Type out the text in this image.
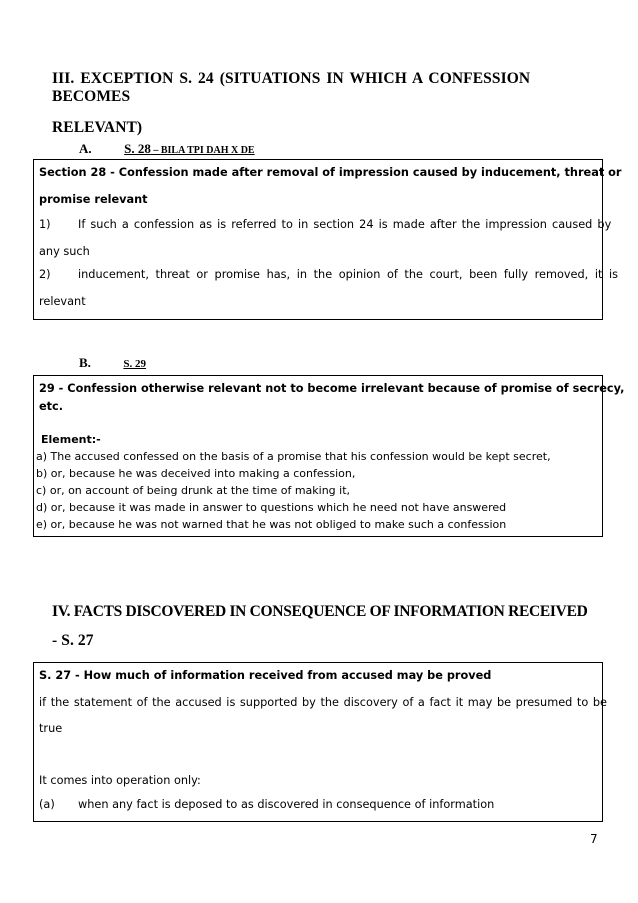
III. EXCEPTION S. 24 (SITUATIONS IN WHICH A CONFESSION BECOMES
RELEVANT)
A.	S. 28 – BILA TPI DAH X DE
Section 28 - Confession made after removal of impression caused by inducement, threat or
promise relevant
1) If such a confession as is referred to in section 24 is made after the impression caused by
any such
2) inducement, threat or promise has, in the opinion of the court, been fully removed, it is
relevant
B.	S. 29
29 - Confession otherwise relevant not to become irrelevant because of promise of secrecy,
etc.
Element:-
a) The accused confessed on the basis of a promise that his confession would be kept secret,
b) or, because he was deceived into making a confession,
c) or, on account of being drunk at the time of making it,
d) or, because it was made in answer to questions which he need not have answered
e) or, because he was not warned that he was not obliged to make such a confession
IV. FACTS DISCOVERED IN CONSEQUENCE OF INFORMATION RECEIVED
- S. 27
S. 27 - How much of information received from accused may be proved
if the statement of the accused is supported by the discovery of a fact it may be presumed to be
true
It comes into operation only:
(a) when any fact is deposed to as discovered in consequence of information
7
